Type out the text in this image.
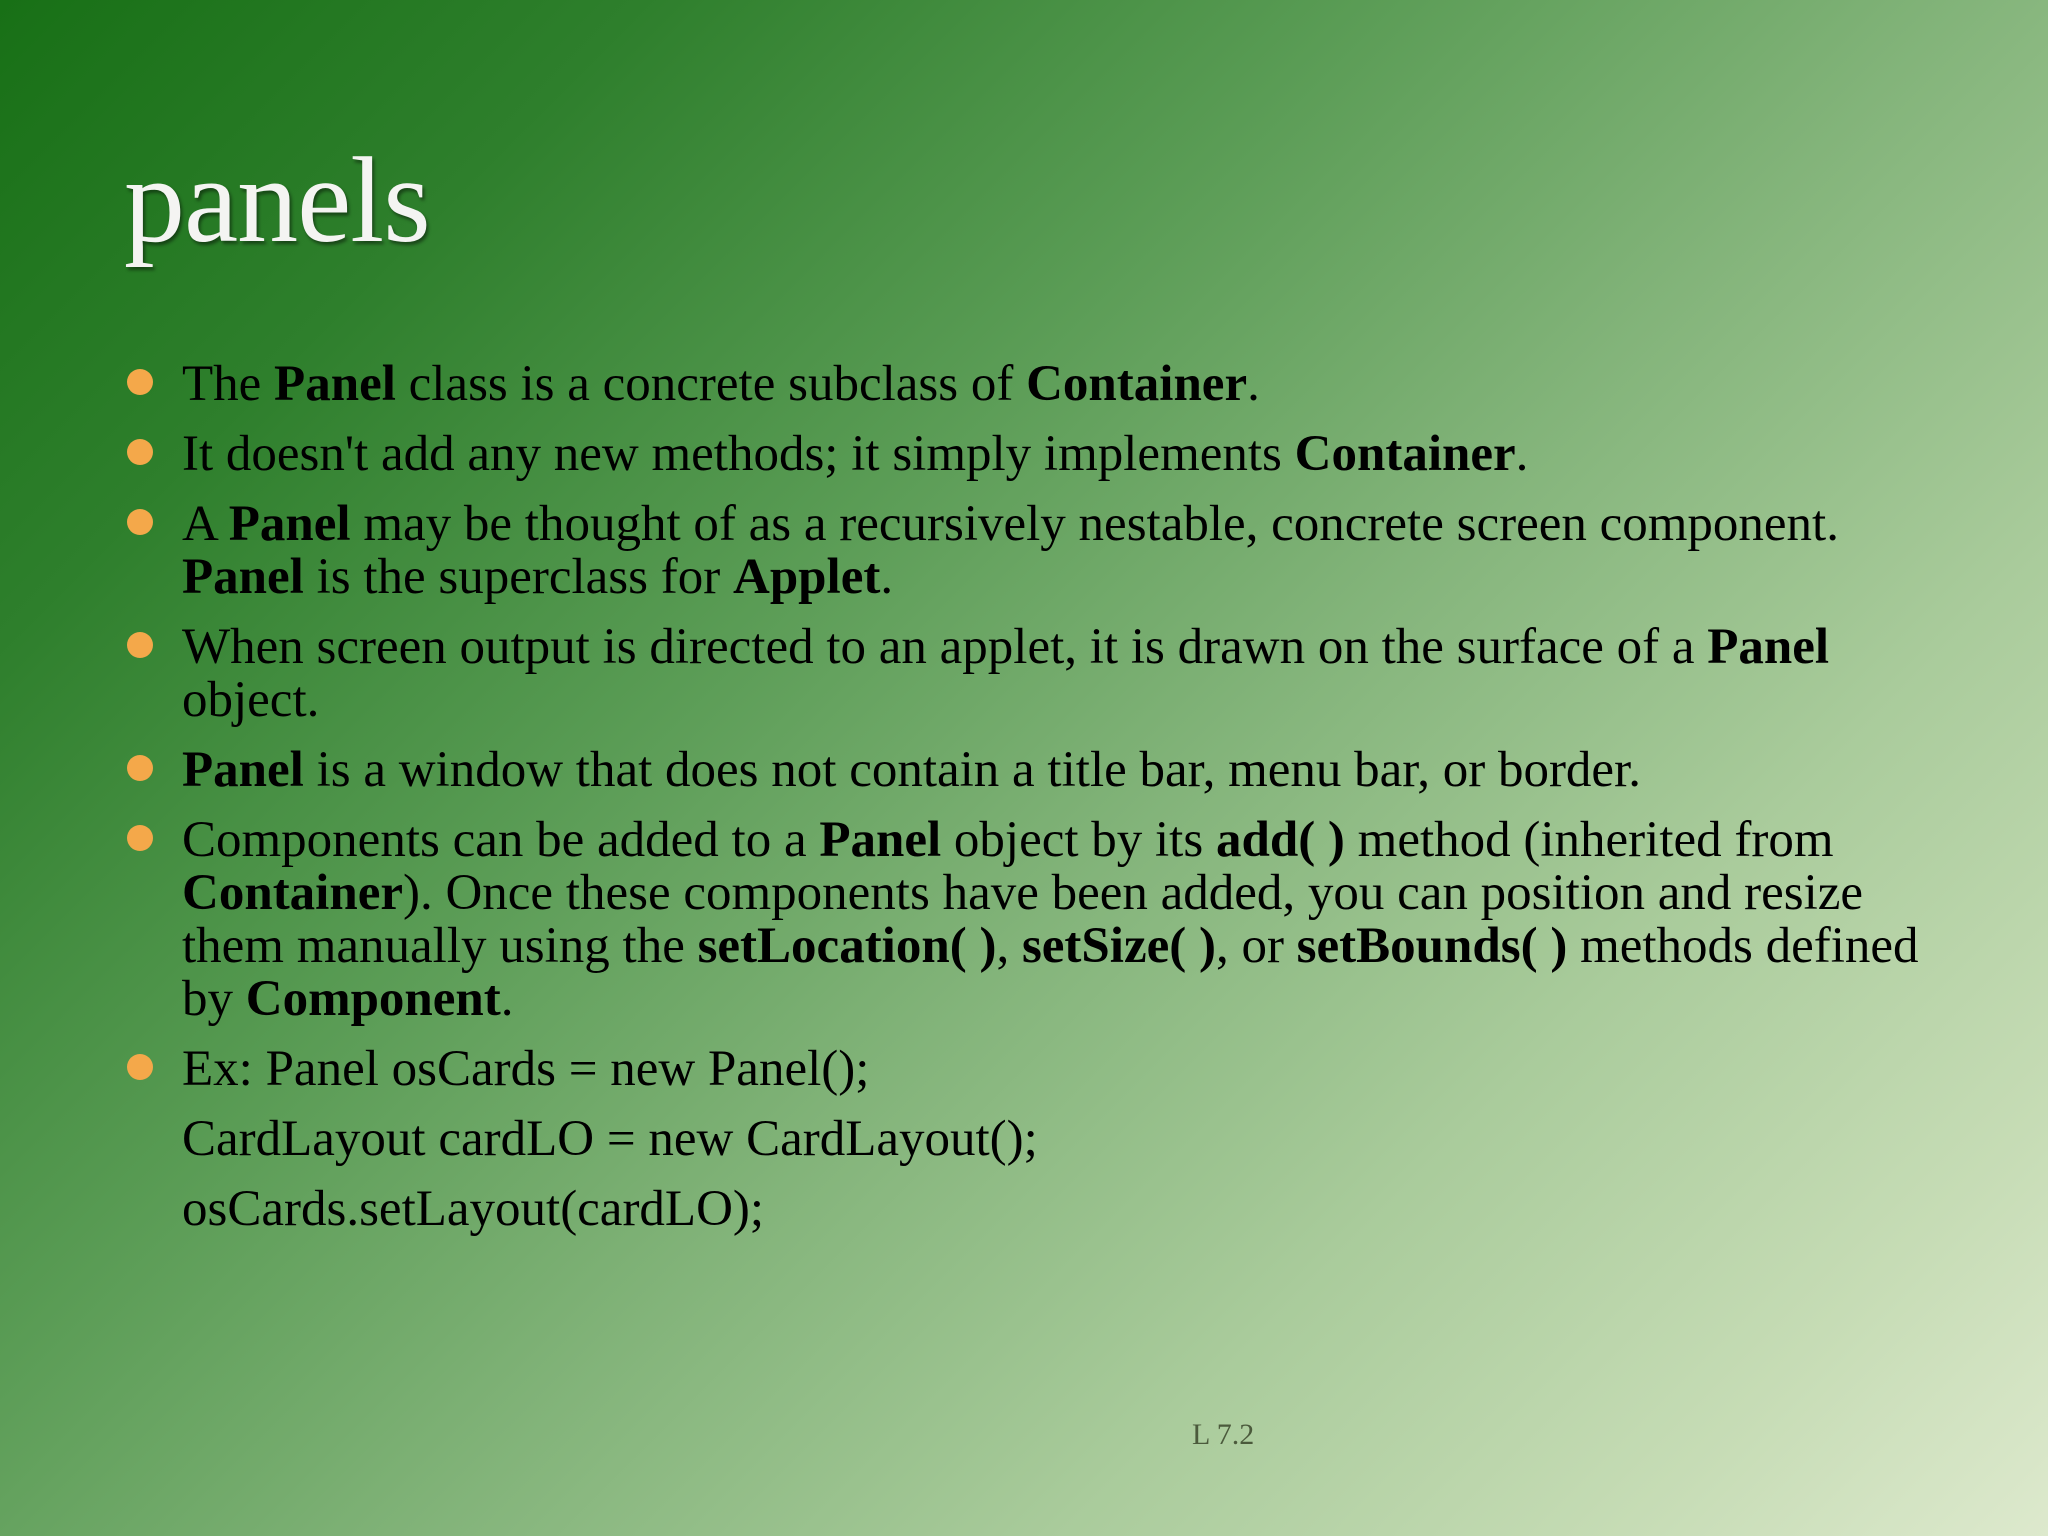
panels
The Panel class is a concrete subclass of Container.
It doesn't add any new methods; it simply implements Container.
A Panel may be thought of as a recursively nestable, concrete screen component. Panel is the superclass for Applet.
When screen output is directed to an applet, it is drawn on the surface of a Panel object.
Panel is a window that does not contain a title bar, menu bar, or border.
Components can be added to a Panel object by its add( ) method (inherited from Container). Once these components have been added, you can position and resize them manually using the setLocation( ), setSize( ), or setBounds( ) methods defined by Component.
Ex: Panel osCards = new Panel();
CardLayout cardLO = new CardLayout();
osCards.setLayout(cardLO);
L 7.2
